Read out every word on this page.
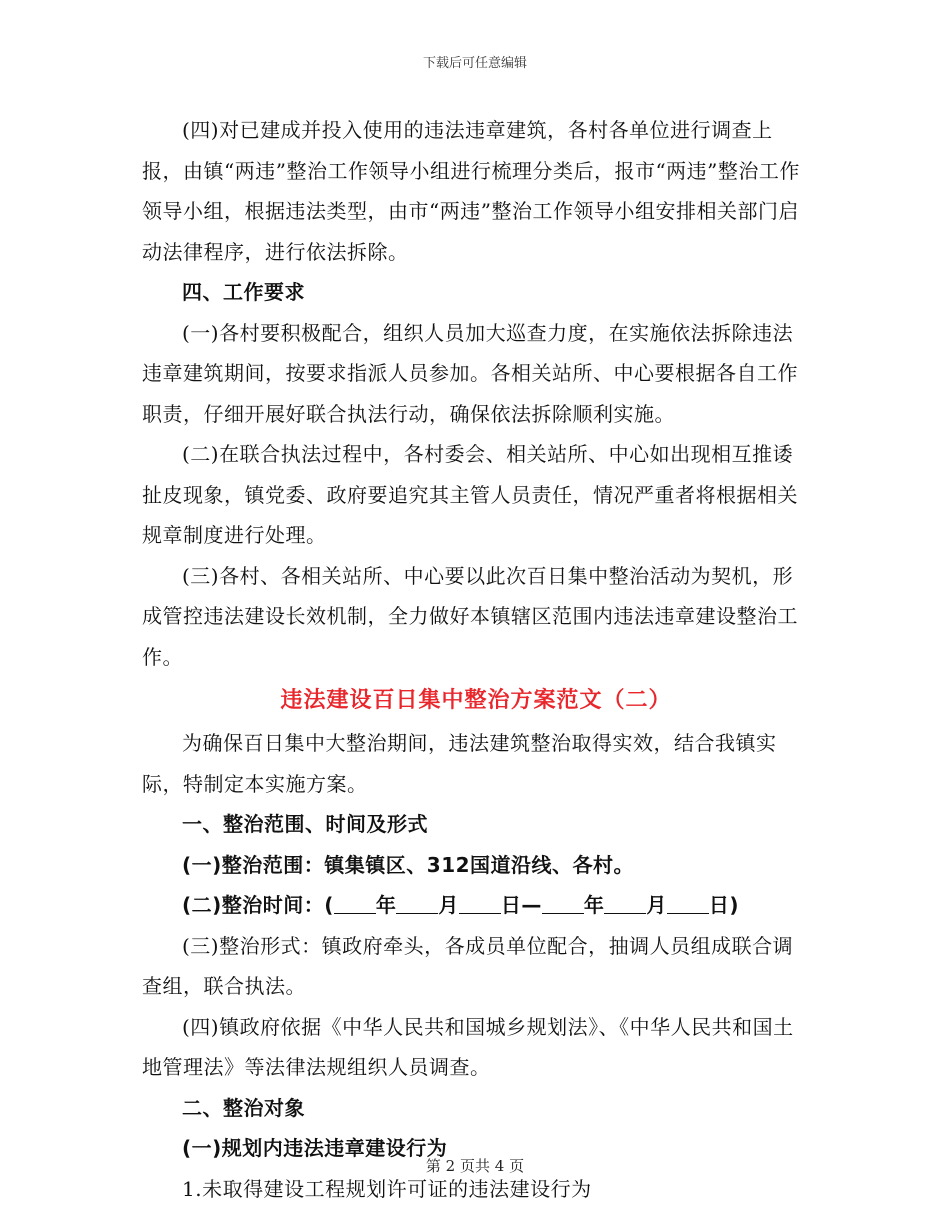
下载后可任意编辑

(四)对已建成并投入使用的违法违章建筑，各村各单位进行调查上报，由镇“两违”整治工作领导小组进行梳理分类后，报市“两违”整治工作领导小组，根据违法类型，由市“两违”整治工作领导小组安排相关部门启动法律程序，进行依法拆除。

四、工作要求

(一)各村要积极配合，组织人员加大巡查力度，在实施依法拆除违法违章建筑期间，按要求指派人员参加。各相关站所、中心要根据各自工作职责，仔细开展好联合执法行动，确保依法拆除顺利实施。

(二)在联合执法过程中，各村委会、相关站所、中心如出现相互推诿扯皮现象，镇党委、政府要追究其主管人员责任，情况严重者将根据相关规章制度进行处理。

(三)各村、各相关站所、中心要以此次百日集中整治活动为契机，形成管控违法建设长效机制，全力做好本镇辖区范围内违法违章建设整治工作。

违法建设百日集中整治方案范文（二）

为确保百日集中大整治期间，违法建筑整治取得实效，结合我镇实际，特制定本实施方案。

一、整治范围、时间及形式

(一)整治范围：镇集镇区、312国道沿线、各村。

(二)整治时间：( 年 月 日— 年 月 日)

(三)整治形式：镇政府牵头，各成员单位配合，抽调人员组成联合调查组，联合执法。

(四)镇政府依据《中华人民共和国城乡规划法》、《中华人民共和国土地管理法》等法律法规组织人员调查。

二、整治对象

(一)规划内违法违章建设行为

1.未取得建设工程规划许可证的违法建设行为

第 2 页共 4 页
